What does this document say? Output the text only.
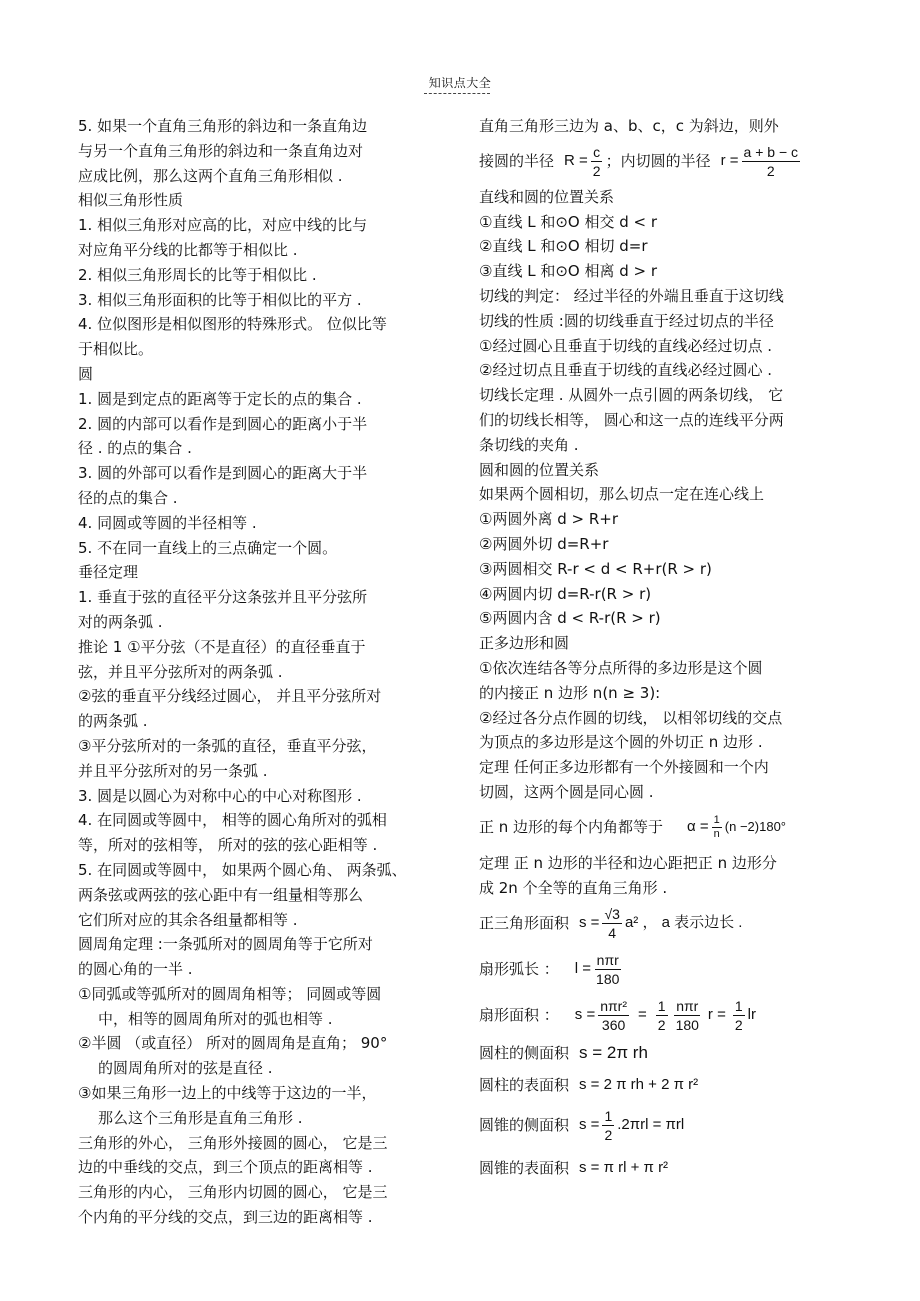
知识点大全
5. 如果一个直角三角形的斜边和一条直角边
与另一个直角三角形的斜边和一条直角边对
应成比例，那么这两个直角三角形相似 .
相似三角形性质
1. 相似三角形对应高的比，对应中线的比与
对应角平分线的比都等于相似比 .
2. 相似三角形周长的比等于相似比 .
3. 相似三角形面积的比等于相似比的平方 .
4. 位似图形是相似图形的特殊形式。 位似比等
于相似比。
圆
1. 圆是到定点的距离等于定长的点的集合 .
2. 圆的内部可以看作是到圆心的距离小于半
径 . 的点的集合 .
3. 圆的外部可以看作是到圆心的距离大于半
径的点的集合 .
4. 同圆或等圆的半径相等 .
5. 不在同一直线上的三点确定一个圆。
垂径定理
1. 垂直于弦的直径平分这条弦并且平分弦所
对的两条弧 .
推论 1 ①平分弦（不是直径）的直径垂直于
弦，并且平分弦所对的两条弧 .
②弦的垂直平分线经过圆心， 并且平分弦所对
的两条弧 .
③平分弦所对的一条弧的直径，垂直平分弦，
并且平分弦所对的另一条弧 .
3. 圆是以圆心为对称中心的中心对称图形 .
4. 在同圆或等圆中， 相等的圆心角所对的弧相
等，所对的弦相等， 所对的弦的弦心距相等 .
5. 在同圆或等圆中， 如果两个圆心角、 两条弧、
两条弦或两弦的弦心距中有一组量相等那么
它们所对应的其余各组量都相等 .
圆周角定理 :一条弧所对的圆周角等于它所对
的圆心角的一半 .
①同弧或等弧所对的圆周角相等； 同圆或等圆
中，相等的圆周角所对的弧也相等 .
②半圆 （或直径） 所对的圆周角是直角； 90°
的圆周角所对的弦是直径 .
③如果三角形一边上的中线等于这边的一半，
那么这个三角形是直角三角形 .
三角形的外心， 三角形外接圆的圆心， 它是三
边的中垂线的交点，到三个顶点的距离相等 .
三角形的内心， 三角形内切圆的圆心， 它是三
个内角的平分线的交点，到三边的距离相等 .
直角三角形三边为 a、b、c，c 为斜边，则外
接圆的半径 $R = \frac{c}{2}$ ；内切圆的半径 $r = \frac{a + b - c}{2}$
直线和圆的位置关系
①直线 L 和⊙O 相交 d < r
②直线 L 和⊙O 相切 d=r
③直线 L 和⊙O 相离 d > r
切线的判定： 经过半径的外端且垂直于这切线
切线的性质 :圆的切线垂直于经过切点的半径
①经过圆心且垂直于切线的直线必经过切点 .
②经过切点且垂直于切线的直线必经过圆心 .
切线长定理 . 从圆外一点引圆的两条切线， 它
们的切线长相等， 圆心和这一点的连线平分两
条切线的夹角 .
圆和圆的位置关系
如果两个圆相切，那么切点一定在连心线上
①两圆外离 d > R+r
②两圆外切 d=R+r
③两圆相交 R-r < d < R+r(R > r)
④两圆内切 d=R-r(R > r)
⑤两圆内含 d < R-r(R > r)
正多边形和圆
①依次连结各等分点所得的多边形是这个圆
的内接正 n 边形 n(n ≥ 3):
②经过各分点作圆的切线， 以相邻切线的交点
为顶点的多边形是这个圆的外切正 n 边形 .
定理 任何正多边形都有一个外接圆和一个内
切圆，这两个圆是同心圆 .
正 n 边形的每个内角都等于 $\alpha = \frac{1}{n} (n -2)180^\circ$
定理 正 n 边形的半径和边心距把正 n 边形分
成 2n 个全等的直角三角形 .
正三角形面积 $s = \frac{√3}{4} a^2$ ， a 表示边长 .
扇形弧长 ： $l = \frac{\text{nπr}}{180}$
扇形面积 ： $s = \frac{\text{nπr²}}{360} = \frac{1}{2} \frac{\text{nπr}}{180}$ $r = \frac{1}{2}$ lr
圆柱的侧面积 s = 2π rh
圆柱的表面积 s = 2 π rh + 2 π r²
圆锥的侧面积 $s = \frac{1}{2} .2\pi rl = \pi rl$
圆锥的表面积 s = π rl + π r²
